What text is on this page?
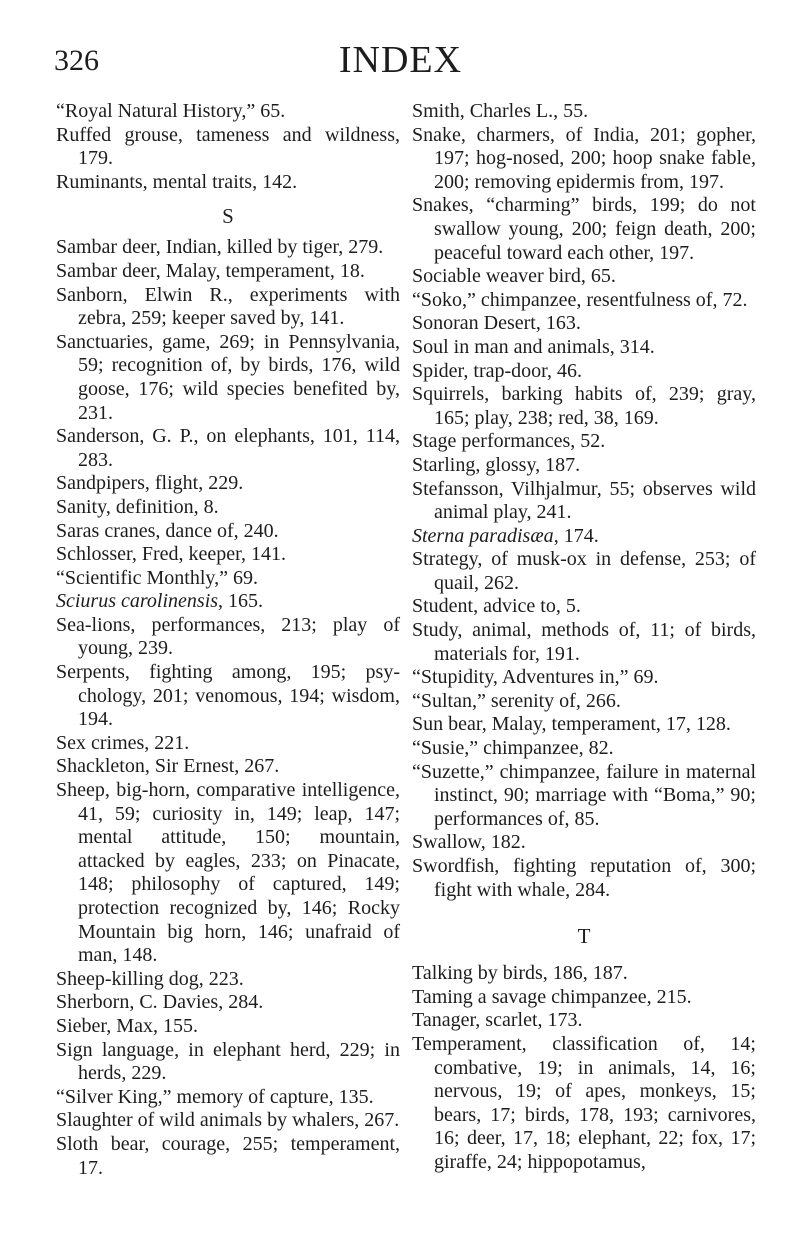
326	INDEX

“Royal Natural History,” 65.

Ruffed grouse, tameness and wildness, 179.

Ruminants, mental traits, 142.

S

Sambar deer, Indian, killed by tiger, 279.

Sambar deer, Malay, temperament, 18.

Sanborn, Elwin R., experiments with zebra, 259; keeper saved by, 141.

Sanctuaries, game, 269; in Pennsylvania, 59; recognition of, by birds, 176, wild goose, 176; wild species benefited by, 231.

Sanderson, G. P., on elephants, 101, 114, 283.

Sandpipers, flight, 229.

Sanity, definition, 8.

Saras cranes, dance of, 240.

Schlosser, Fred, keeper, 141.

“Scientific Monthly,” 69.

Sciurus carolinensis, 165.

Sea-lions, performances, 213; play of young, 239.

Serpents, fighting among, 195; psychology, 201; venomous, 194; wisdom, 194.

Sex crimes, 221.

Shackleton, Sir Ernest, 267.

Sheep, big-horn, comparative intelligence, 41, 59; curiosity in, 149; leap, 147; mental attitude, 150; mountain, attacked by eagles, 233; on Pinacate, 148; philosophy of captured, 149; protection recognized by, 146; Rocky Mountain big horn, 146; unafraid of man, 148.

Sheep-killing dog, 223.

Sherborn, C. Davies, 284.

Sieber, Max, 155.

Sign language, in elephant herd, 229; in herds, 229.

“Silver King,” memory of capture, 135.

Slaughter of wild animals by whalers, 267.

Sloth bear, courage, 255; temperament, 17.

Smith, Charles L., 55.

Snake, charmers, of India, 201; gopher, 197; hog-nosed, 200; hoop snake fable, 200; removing epidermis from, 197.

Snakes, “charming” birds, 199; do not swallow young, 200; feign death, 200; peaceful toward each other, 197.

Sociable weaver bird, 65.

“Soko,” chimpanzee, resentfulness of, 72.

Sonoran Desert, 163.

Soul in man and animals, 314.

Spider, trap-door, 46.

Squirrels, barking habits of, 239; gray, 165; play, 238; red, 38, 169.

Stage performances, 52.

Starling, glossy, 187.

Stefansson, Vilhjalmur, 55; observes wild animal play, 241.

Sterna paradisæa, 174.

Strategy, of musk-ox in defense, 253; of quail, 262.

Student, advice to, 5.

Study, animal, methods of, 11; of birds, materials for, 191.

“Stupidity, Adventures in,” 69.

“Sultan,” serenity of, 266.

Sun bear, Malay, temperament, 17, 128.

“Susie,” chimpanzee, 82.

“Suzette,” chimpanzee, failure in maternal instinct, 90; marriage with “Boma,” 90; performances of, 85.

Swallow, 182.

Swordfish, fighting reputation of, 300; fight with whale, 284.

T

Talking by birds, 186, 187.

Taming a savage chimpanzee, 215.

Tanager, scarlet, 173.

Temperament, classification of, 14; combative, 19; in animals, 14, 16; nervous, 19; of apes, monkeys, 15; bears, 17; birds, 178, 193; carnivores, 16; deer, 17, 18; elephant, 22; fox, 17; giraffe, 24; hippopotamus,
